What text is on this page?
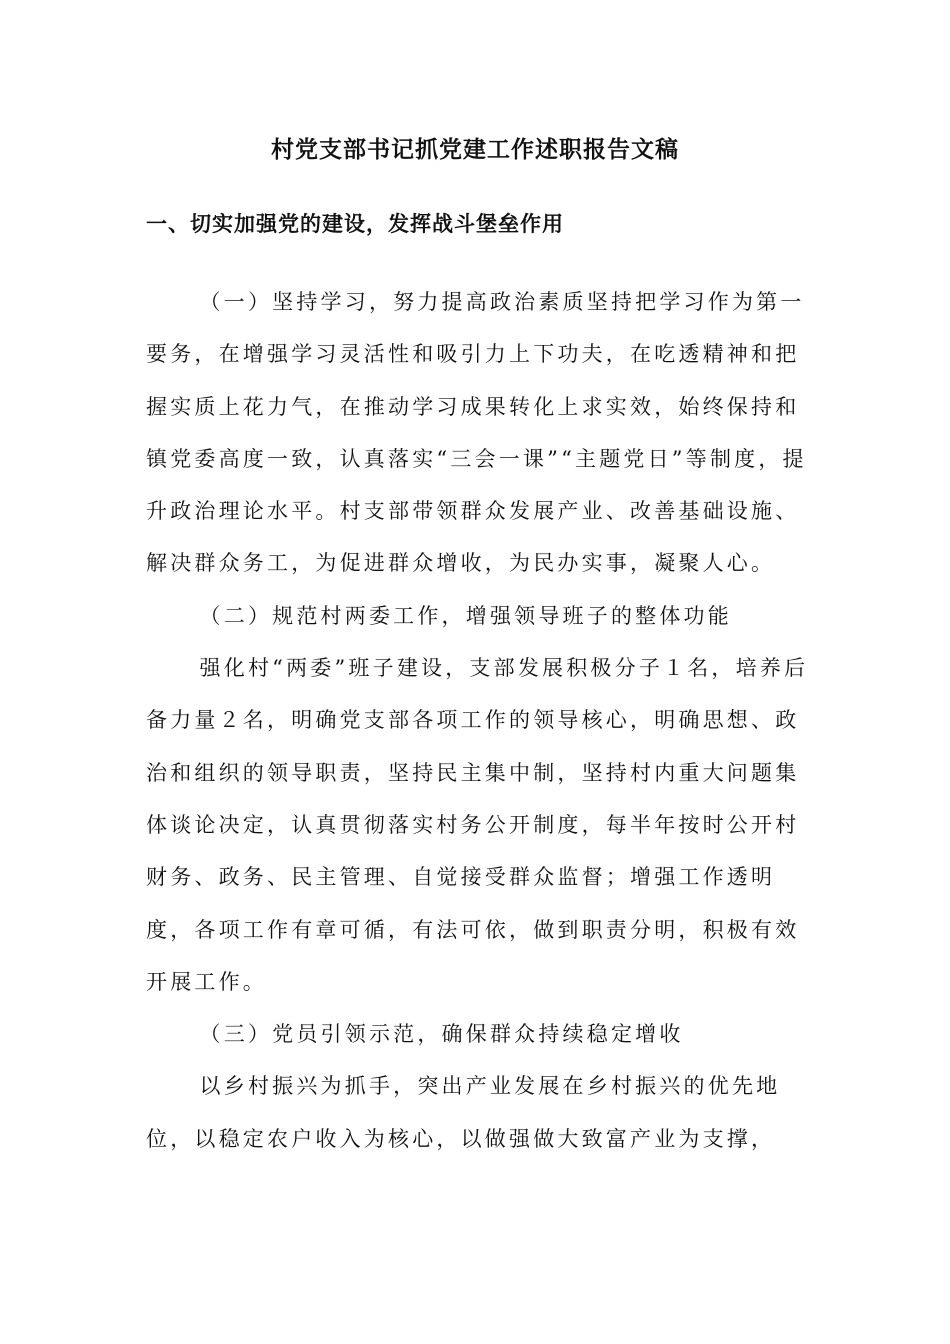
村党支部书记抓党建工作述职报告文稿
一、切实加强党的建设，发挥战斗堡垒作用

（一）坚持学习，努力提高政治素质坚持把学习作为第一要务，在增强学习灵活性和吸引力上下功夫，在吃透精神和把握实质上花力气，在推动学习成果转化上求实效，始终保持和镇党委高度一致，认真落实“三会一课”“主题党日”等制度，提升政治理论水平。村支部带领群众发展产业、改善基础设施、解决群众务工，为促进群众增收，为民办实事，凝聚人心。

（二）规范村两委工作，增强领导班子的整体功能

强化村“两委”班子建设，支部发展积极分子１名，培养后备力量２名，明确党支部各项工作的领导核心，明确思想、政治和组织的领导职责，坚持民主集中制，坚持村内重大问题集体谈论决定，认真贯彻落实村务公开制度，每半年按时公开村财务、政务、民主管理、自觉接受群众监督；增强工作透明度，各项工作有章可循，有法可依，做到职责分明，积极有效开展工作。

（三）党员引领示范，确保群众持续稳定增收

以乡村振兴为抓手，突出产业发展在乡村振兴的优先地位，以稳定农户收入为核心，以做强做大致富产业为支撑，
